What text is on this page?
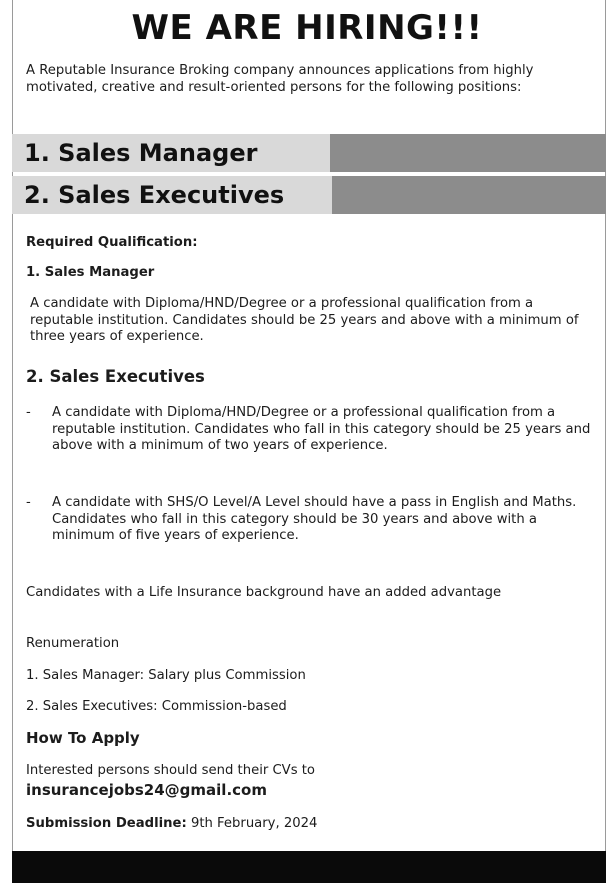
WE ARE HIRING!!!
A Reputable Insurance Broking company announces applications from highly motivated, creative and result-oriented persons for the following positions:
1. Sales Manager
2. Sales Executives
Required Qualification:
1. Sales Manager
A candidate with Diploma/HND/Degree or a professional qualification from a reputable institution. Candidates should be 25 years and above with a minimum of three years of experience.
2. Sales Executives
- A candidate with Diploma/HND/Degree or a professional qualification from a reputable institution. Candidates who fall in this category should be 25 years and above with a minimum of two years of experience.
- A candidate with SHS/O Level/A Level should have a pass in English and Maths. Candidates who fall in this category should be 30 years and above with a minimum of five years of experience.
Candidates with a Life Insurance background have an added advantage
Renumeration
1. Sales Manager: Salary plus Commission
2. Sales Executives: Commission-based
How To Apply
Interested persons should send their CVs to
insurancejobs24@gmail.com
Submission Deadline: 9th February, 2024
